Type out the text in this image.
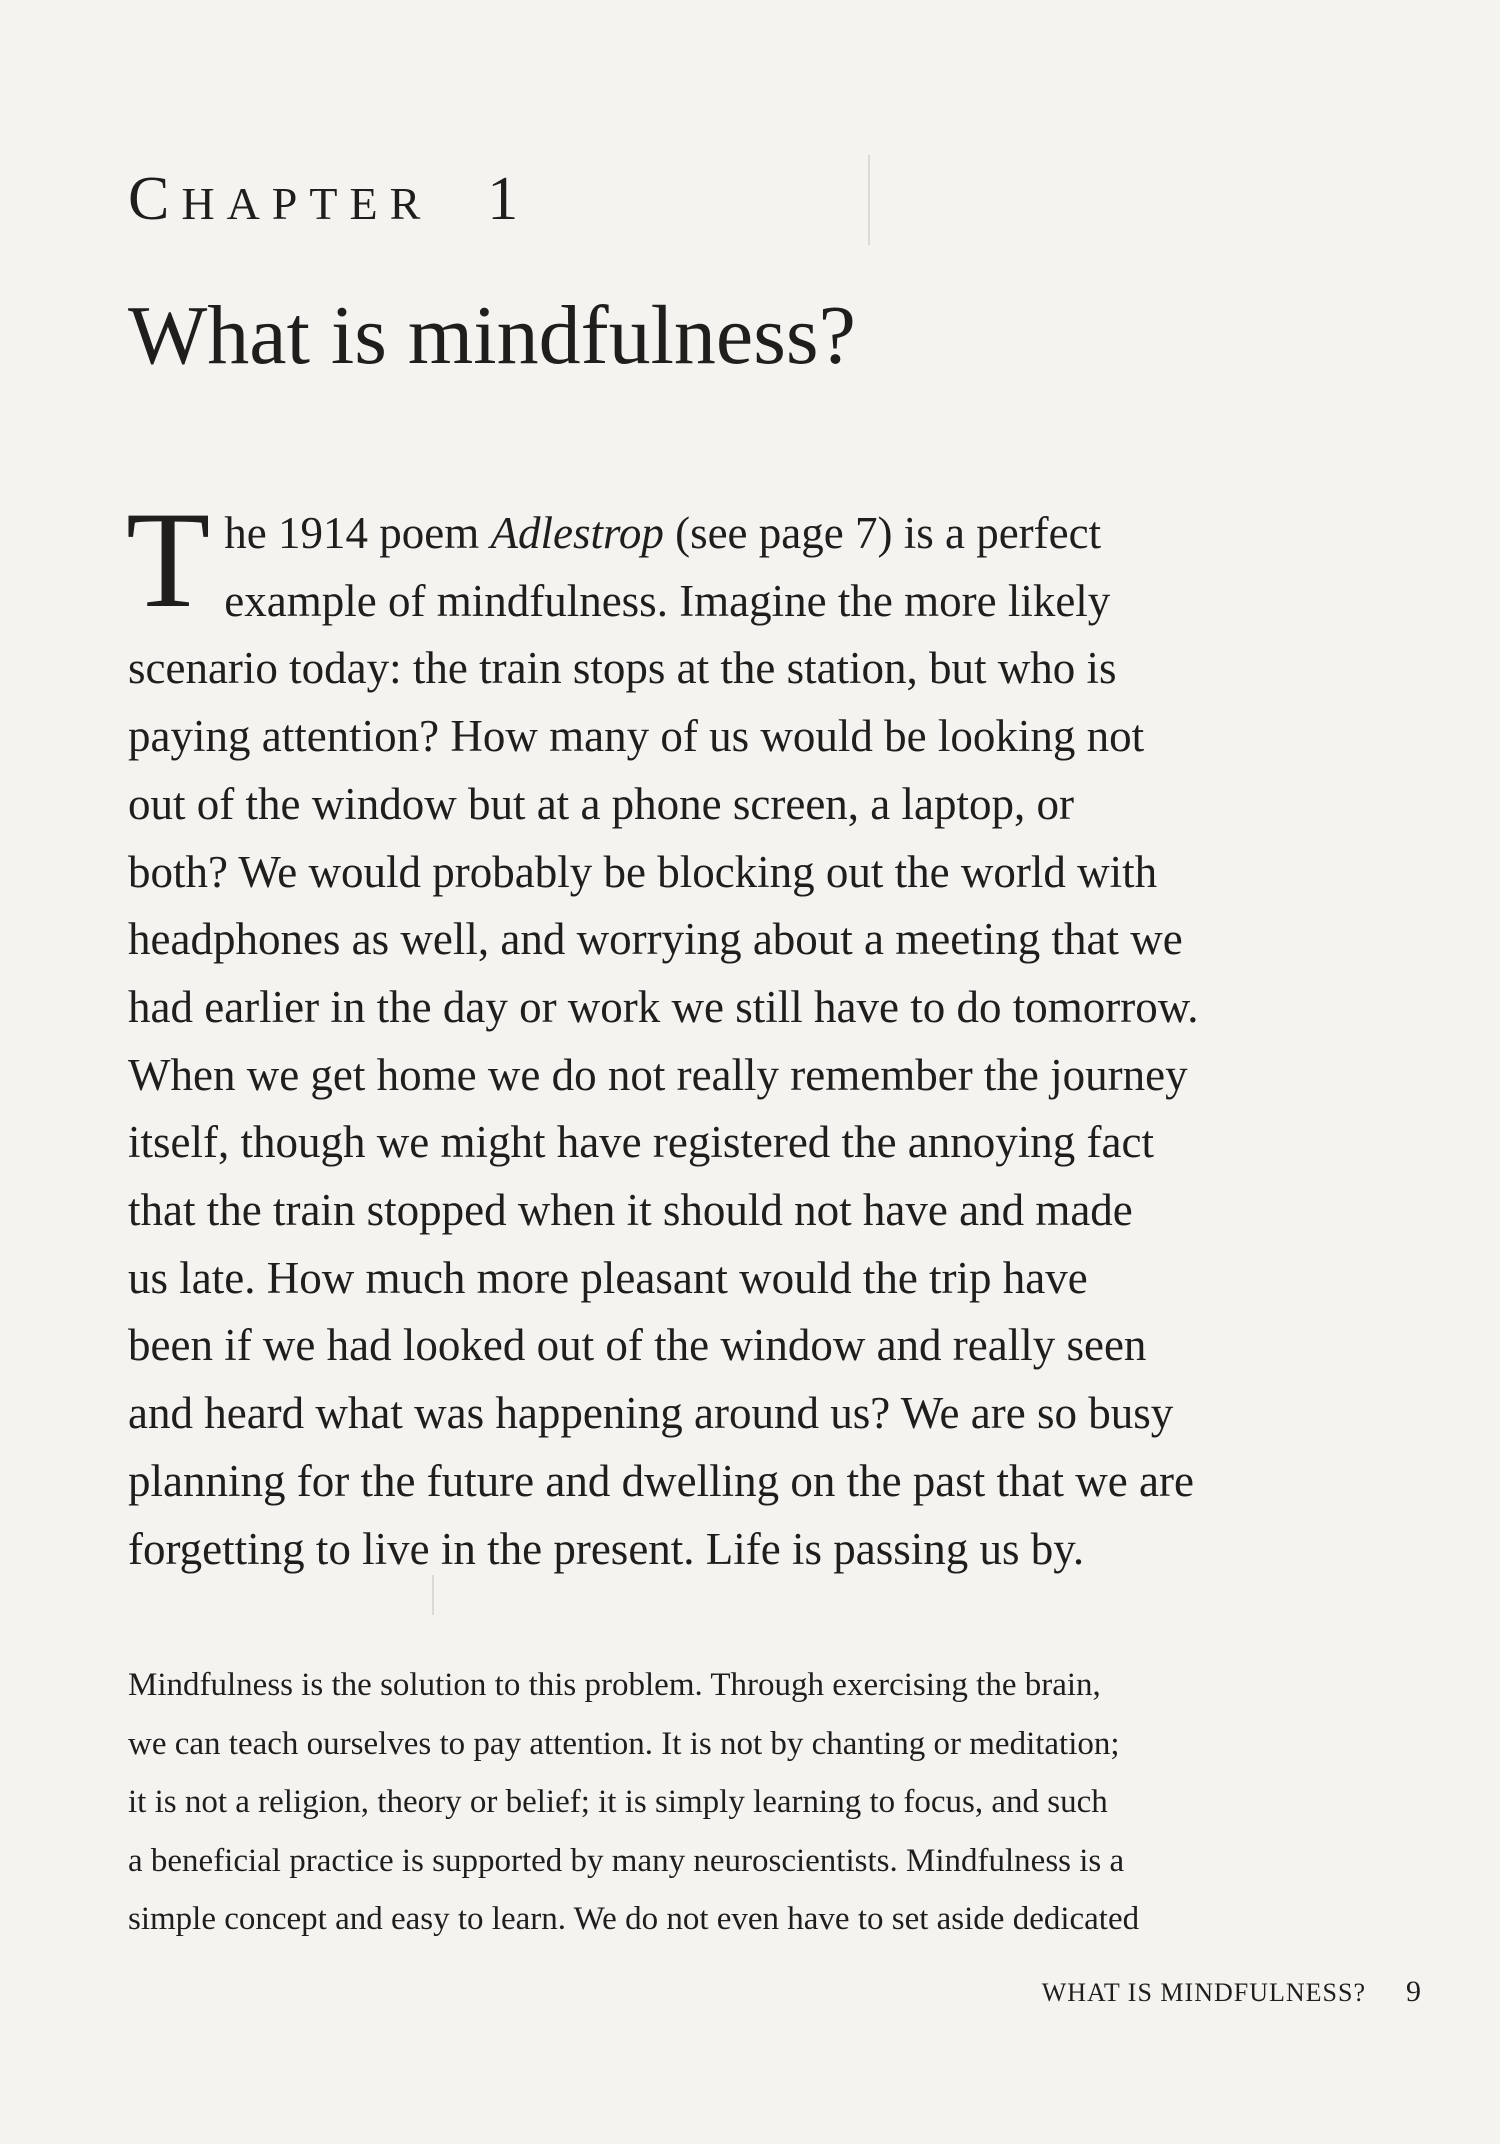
CHAPTER 1
What is mindfulness?

T he 1914 poem Adlestrop (see page 7) is a perfect
example of mindfulness. Imagine the more likely
scenario today: the train stops at the station, but who is
paying attention? How many of us would be looking not
out of the window but at a phone screen, a laptop, or
both? We would probably be blocking out the world with
headphones as well, and worrying about a meeting that we
had earlier in the day or work we still have to do tomorrow.
When we get home we do not really remember the journey
itself, though we might have registered the annoying fact
that the train stopped when it should not have and made
us late. How much more pleasant would the trip have
been if we had looked out of the window and really seen
and heard what was happening around us? We are so busy
planning for the future and dwelling on the past that we are
forgetting to live in the present. Life is passing us by.

Mindfulness is the solution to this problem. Through exercising the brain,
we can teach ourselves to pay attention. It is not by chanting or meditation;
it is not a religion, theory or belief; it is simply learning to focus, and such
a beneficial practice is supported by many neuroscientists. Mindfulness is a
simple concept and easy to learn. We do not even have to set aside dedicated

WHAT IS MINDFULNESS? 9
